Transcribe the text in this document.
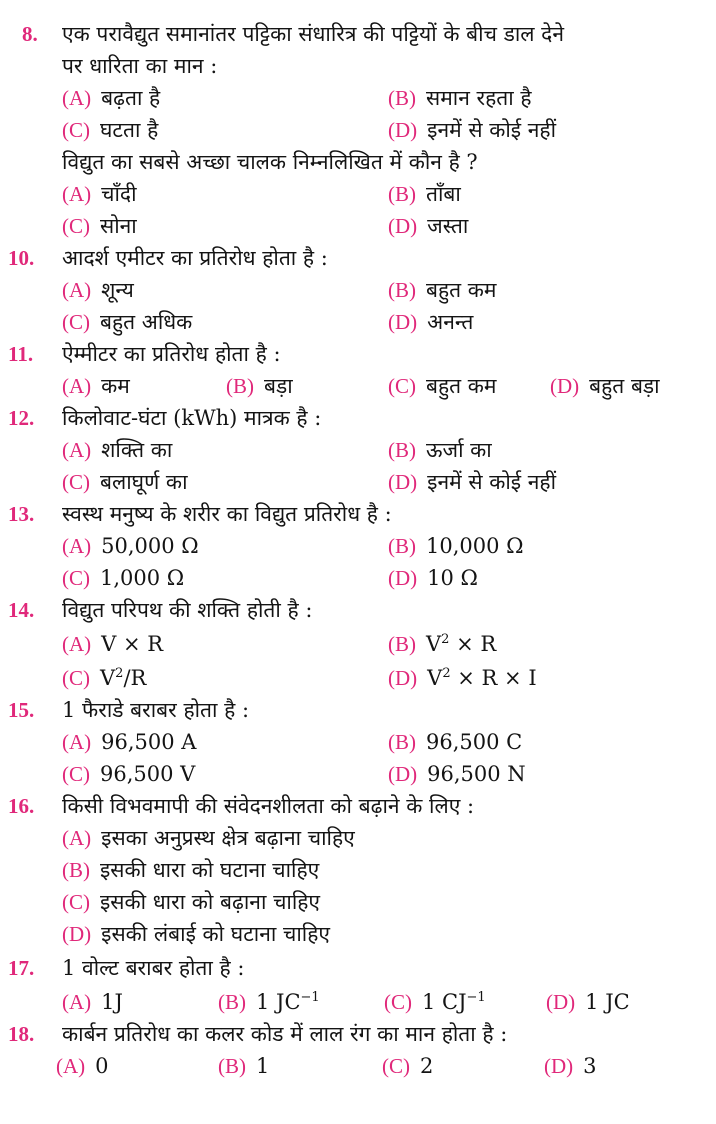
8. एक परावैद्युत समानांतर पट्टिका संधारित्र की पट्टियों के बीच डाल देने
पर धारिता का मान :
(A) बढ़ता है	(B) समान रहता है
(C) घटता है	(D) इनमें से कोई नहीं
विद्युत का सबसे अच्छा चालक निम्नलिखित में कौन है ?
(A) चाँदी	(B) ताँबा
(C) सोना	(D) जस्ता
10. आदर्श एमीटर का प्रतिरोध होता है :
(A) शून्य	(B) बहुत कम
(C) बहुत अधिक	(D) अनन्त
11. ऐम्मीटर का प्रतिरोध होता है :
(A) कम	(B) बड़ा	(C) बहुत कम	(D) बहुत बड़ा
12. किलोवाट-घंटा (kWh) मात्रक है :
(A) शक्ति का	(B) ऊर्जा का
(C) बलाघूर्ण का	(D) इनमें से कोई नहीं
13. स्वस्थ मनुष्य के शरीर का विद्युत प्रतिरोध है :
(A) 50,000 Ω	(B) 10,000 Ω
(C) 1,000 Ω	(D) 10 Ω
14. विद्युत परिपथ की शक्ति होती है :
(A) V × R	(B) $V^2 \times R$
(C) $V^2/R$	(D) $V^2 \times R \times I$
15. 1 फैराडे बराबर होता है :
(A) 96,500 A	(B) 96,500 C
(C) 96,500 V	(D) 96,500 N
16. किसी विभवमापी की संवेदनशीलता को बढ़ाने के लिए :
(A) इसका अनुप्रस्थ क्षेत्र बढ़ाना चाहिए
(B) इसकी धारा को घटाना चाहिए
(C) इसकी धारा को बढ़ाना चाहिए
(D) इसकी लंबाई को घटाना चाहिए
17. 1 वोल्ट बराबर होता है :
(A) 1J	(B) 1 $JC^{-1}$	(C) 1 $CJ^{-1}$	(D) 1 JC
18. कार्बन प्रतिरोध का कलर कोड में लाल रंग का मान होता है :
(A) 0	(B) 1	(C) 2	(D) 3
